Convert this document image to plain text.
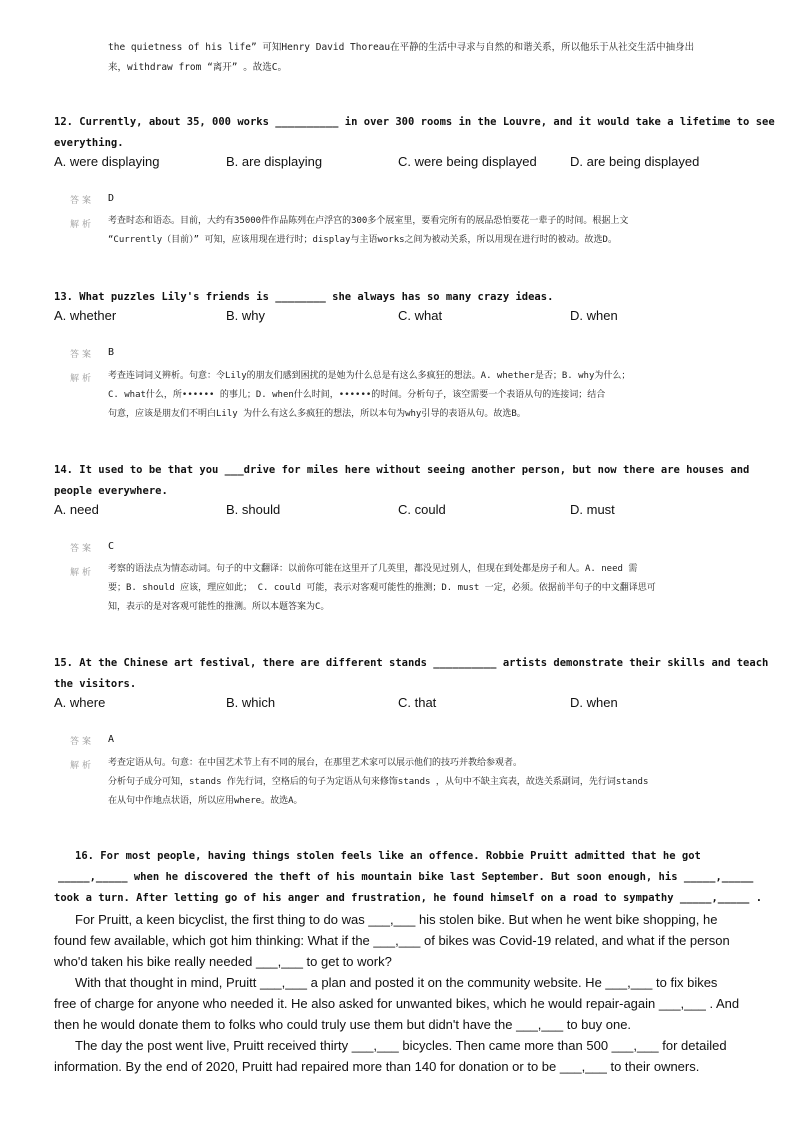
the quietness of his life” 可知Henry David Thoreau在平静的生活中寻求与自然的和谐关系，所以他乐于从社交生活中抽身出
来，withdraw from “离开” 。故选C。
12. Currently, about 35, 000 works __________ in over 300 rooms in the Louvre, and it would take a lifetime to see
everything.
A. were displaying	B. are displaying	C. were being displayed	D. are being displayed
答案 D
解析 考查时态和语态。目前，大约有35000件作品陈列在卢浮宫的300多个展室里，要看完所有的展品恐怕要花一辈子的时间。根据上文
“Currently（目前）” 可知，应该用现在进行时；display与主语works之间为被动关系，所以用现在进行时的被动。故选D。
13. What puzzles Lily's friends is ________ she always has so many crazy ideas.
A. whether	B. why	C. what	D. when
答案 B
解析 考查连词词义辨析。句意：令Lily的朋友们感到困扰的是她为什么总是有这么多疯狂的想法。A. whether是否；B. why为什么；
C. what什么，所•••••• 的事儿；D. when什么时间，••••••的时间。分析句子，该空需要一个表语从句的连接词；结合
句意，应该是朋友们不明白Lily 为什么有这么多疯狂的想法，所以本句为why引导的表语从句。故选B。
14. It used to be that you ___drive for miles here without seeing another person, but now there are houses and
people everywhere.
A. need	B. should	C. could	D. must
答案 C
解析 考察的语法点为情态动词。句子的中文翻译：以前你可能在这里开了几英里，都没见过别人，但现在到处都是房子和人。A. need 需
要；B. should 应该，理应如此； C. could 可能，表示对客观可能性的推测；D. must 一定，必须。依据前半句子的中文翻译思可
知，表示的是对客观可能性的推测。所以本题答案为C。
15. At the Chinese art festival, there are different stands __________ artists demonstrate their skills and teach
the visitors.
A. where	B. which	C. that	D. when
答案 A
解析 考查定语从句。句意：在中国艺术节上有不同的展台，在那里艺术家可以展示他们的技巧并教给参观者。
分析句子成分可知，stands 作先行词，空格后的句子为定语从句来修饰stands ，从句中不缺主宾表，故选关系副词，先行词stands
在从句中作地点状语，所以应用where。故选A。
16. For most people, having things stolen feels like an offence. Robbie Pruitt admitted that he got
_____,_____ when he discovered the theft of his mountain bike last September. But soon enough, his _____,_____
took a turn. After letting go of his anger and frustration, he found himself on a road to sympathy _____,_____ .
For Pruitt, a keen bicyclist, the first thing to do was ___,___ his stolen bike. But when he went bike shopping, he
found few available, which got him thinking: What if the ___,___ of bikes was Covid-19 related, and what if the person
who'd taken his bike really needed ___,___ to get to work?
With that thought in mind, Pruitt ___,___ a plan and posted it on the community website. He ___,___ to fix bikes
free of charge for anyone who needed it. He also asked for unwanted bikes, which he would repair-again ___,___ . And
then he would donate them to folks who could truly use them but didn't have the ___,___ to buy one.
The day the post went live, Pruitt received thirty ___,___ bicycles. Then came more than 500 ___,___ for detailed
information. By the end of 2020, Pruitt had repaired more than 140 for donation or to be ___,___ to their owners.
